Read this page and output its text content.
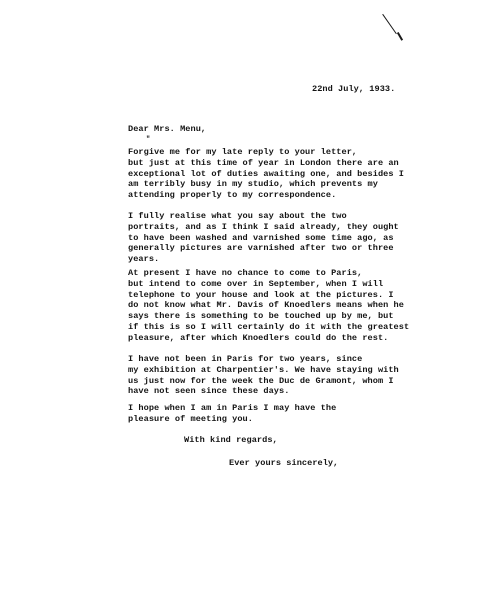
22nd July, 1933.
Dear Mrs. Menu,
"
Forgive me for my late reply to your letter,
but just at this time of year in London there are an
exceptional lot of duties awaiting one, and besides I
am terribly busy in my studio, which prevents my
attending properly to my correspondence.
I fully realise what you say about the two
portraits, and as I think I said already, they ought
to have been washed and varnished some time ago, as
generally pictures are varnished after two or three
years.
At present I have no chance to come to Paris,
but intend to come over in September, when I will
telephone to your house and look at the pictures. I
do not know what Mr. Davis of Knoedlers means when he
says there is something to be touched up by me, but
if this is so I will certainly do it with the greatest
pleasure, after which Knoedlers could do the rest.
I have not been in Paris for two years, since
my exhibition at Charpentier's. We have staying with
us just now for the week the Duc de Gramont, whom I
have not seen since these days.
I hope when I am in Paris I may have the
pleasure of meeting you.
With kind regards,
Ever yours sincerely,
